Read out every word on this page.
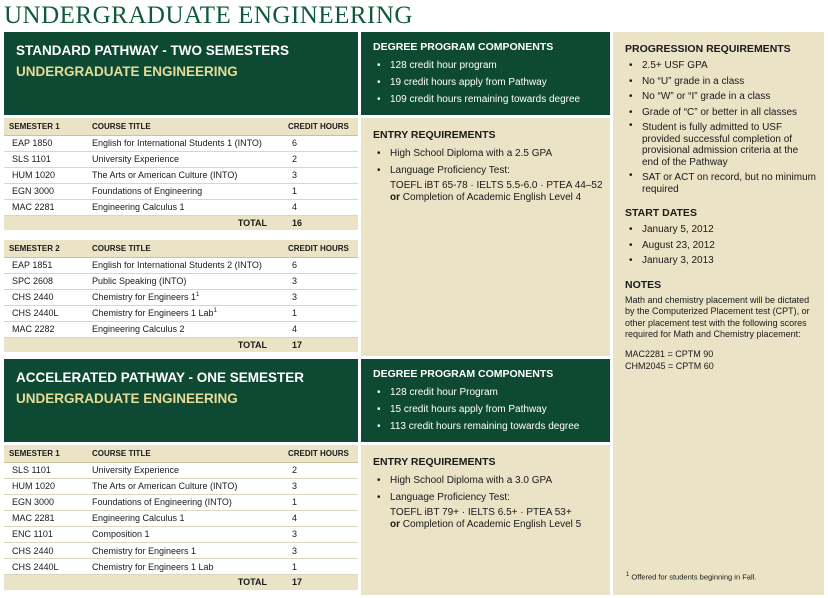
UNDERGRADUATE ENGINEERING
STANDARD PATHWAY - TWO SEMESTERS
UNDERGRADUATE ENGINEERING
DEGREE PROGRAM COMPONENTS
• 128 credit hour program
• 19 credit hours apply from Pathway
• 109 credit hours remaining towards degree
ENTRY REQUIREMENTS
• High School Diploma with a 2.5 GPA
• Language Proficiency Test:
TOEFL iBT 65-78 · IELTS 5.5-6.0 · PTEA 44–52
or Completion of Academic English Level 4
SEMESTER 1	COURSE TITLE	CREDIT HOURS
EAP 1850	English for International Students 1 (INTO)	6
SLS 1101	University Experience	2
HUM 1020	The Arts or American Culture (INTO)	3
EGN 3000	Foundations of Engineering	1
MAC 2281	Engineering Calculus 1	4
TOTAL		16
SEMESTER 2	COURSE TITLE	CREDIT HOURS
EAP 1851	English for International Students 2 (INTO)	6
SPC 2608	Public Speaking (INTO)	3
CHS 2440	Chemistry for Engineers $1^1$	3
CHS 2440L	Chemistry for Engineers 1 Lab$^1$	1
MAC 2282	Engineering Calculus 2	4
TOTAL		17
ACCELERATED PATHWAY - ONE SEMESTER
UNDERGRADUATE ENGINEERING
DEGREE PROGRAM COMPONENTS
• 128 credit hour Program
• 15 credit hours apply from Pathway
• 113 credit hours remaining towards degree
ENTRY REQUIREMENTS
• High School Diploma with a 3.0 GPA
• Language Proficiency Test:
TOEFL iBT 79+ · IELTS 6.5+ · PTEA 53+
or Completion of Academic English Level 5
SEMESTER 1	COURSE TITLE	CREDIT HOURS
SLS 1101	University Experience	2
HUM 1020	The Arts or American Culture (INTO)	3
EGN 3000	Foundations of Engineering (INTO)	1
MAC 2281	Engineering Calculus 1	4
ENC 1101	Composition 1	3
CHS 2440	Chemistry for Engineers 1	3
CHS 2440L	Chemistry for Engineers 1 Lab	1
TOTAL		17
PROGRESSION REQUIREMENTS
• 2.5+ USF GPA
• No “U” grade in a class
• No “W” or “I” grade in a class
• Grade of “C” or better in all classes
• Student is fully admitted to USF provided successful completion of provisional admission criteria at the end of the Pathway
• SAT or ACT on record, but no minimum required
START DATES
• January 5, 2012
• August 23, 2012
• January 3, 2013
NOTES
Math and chemistry placement will be dictated by the Computerized Placement test (CPT), or other placement test with the following scores required for Math and Chemistry placement:
MAC2281 = CPTM 90
CHM2045 = CPTM 60
$^1$ Offered for students beginning in Fall.
